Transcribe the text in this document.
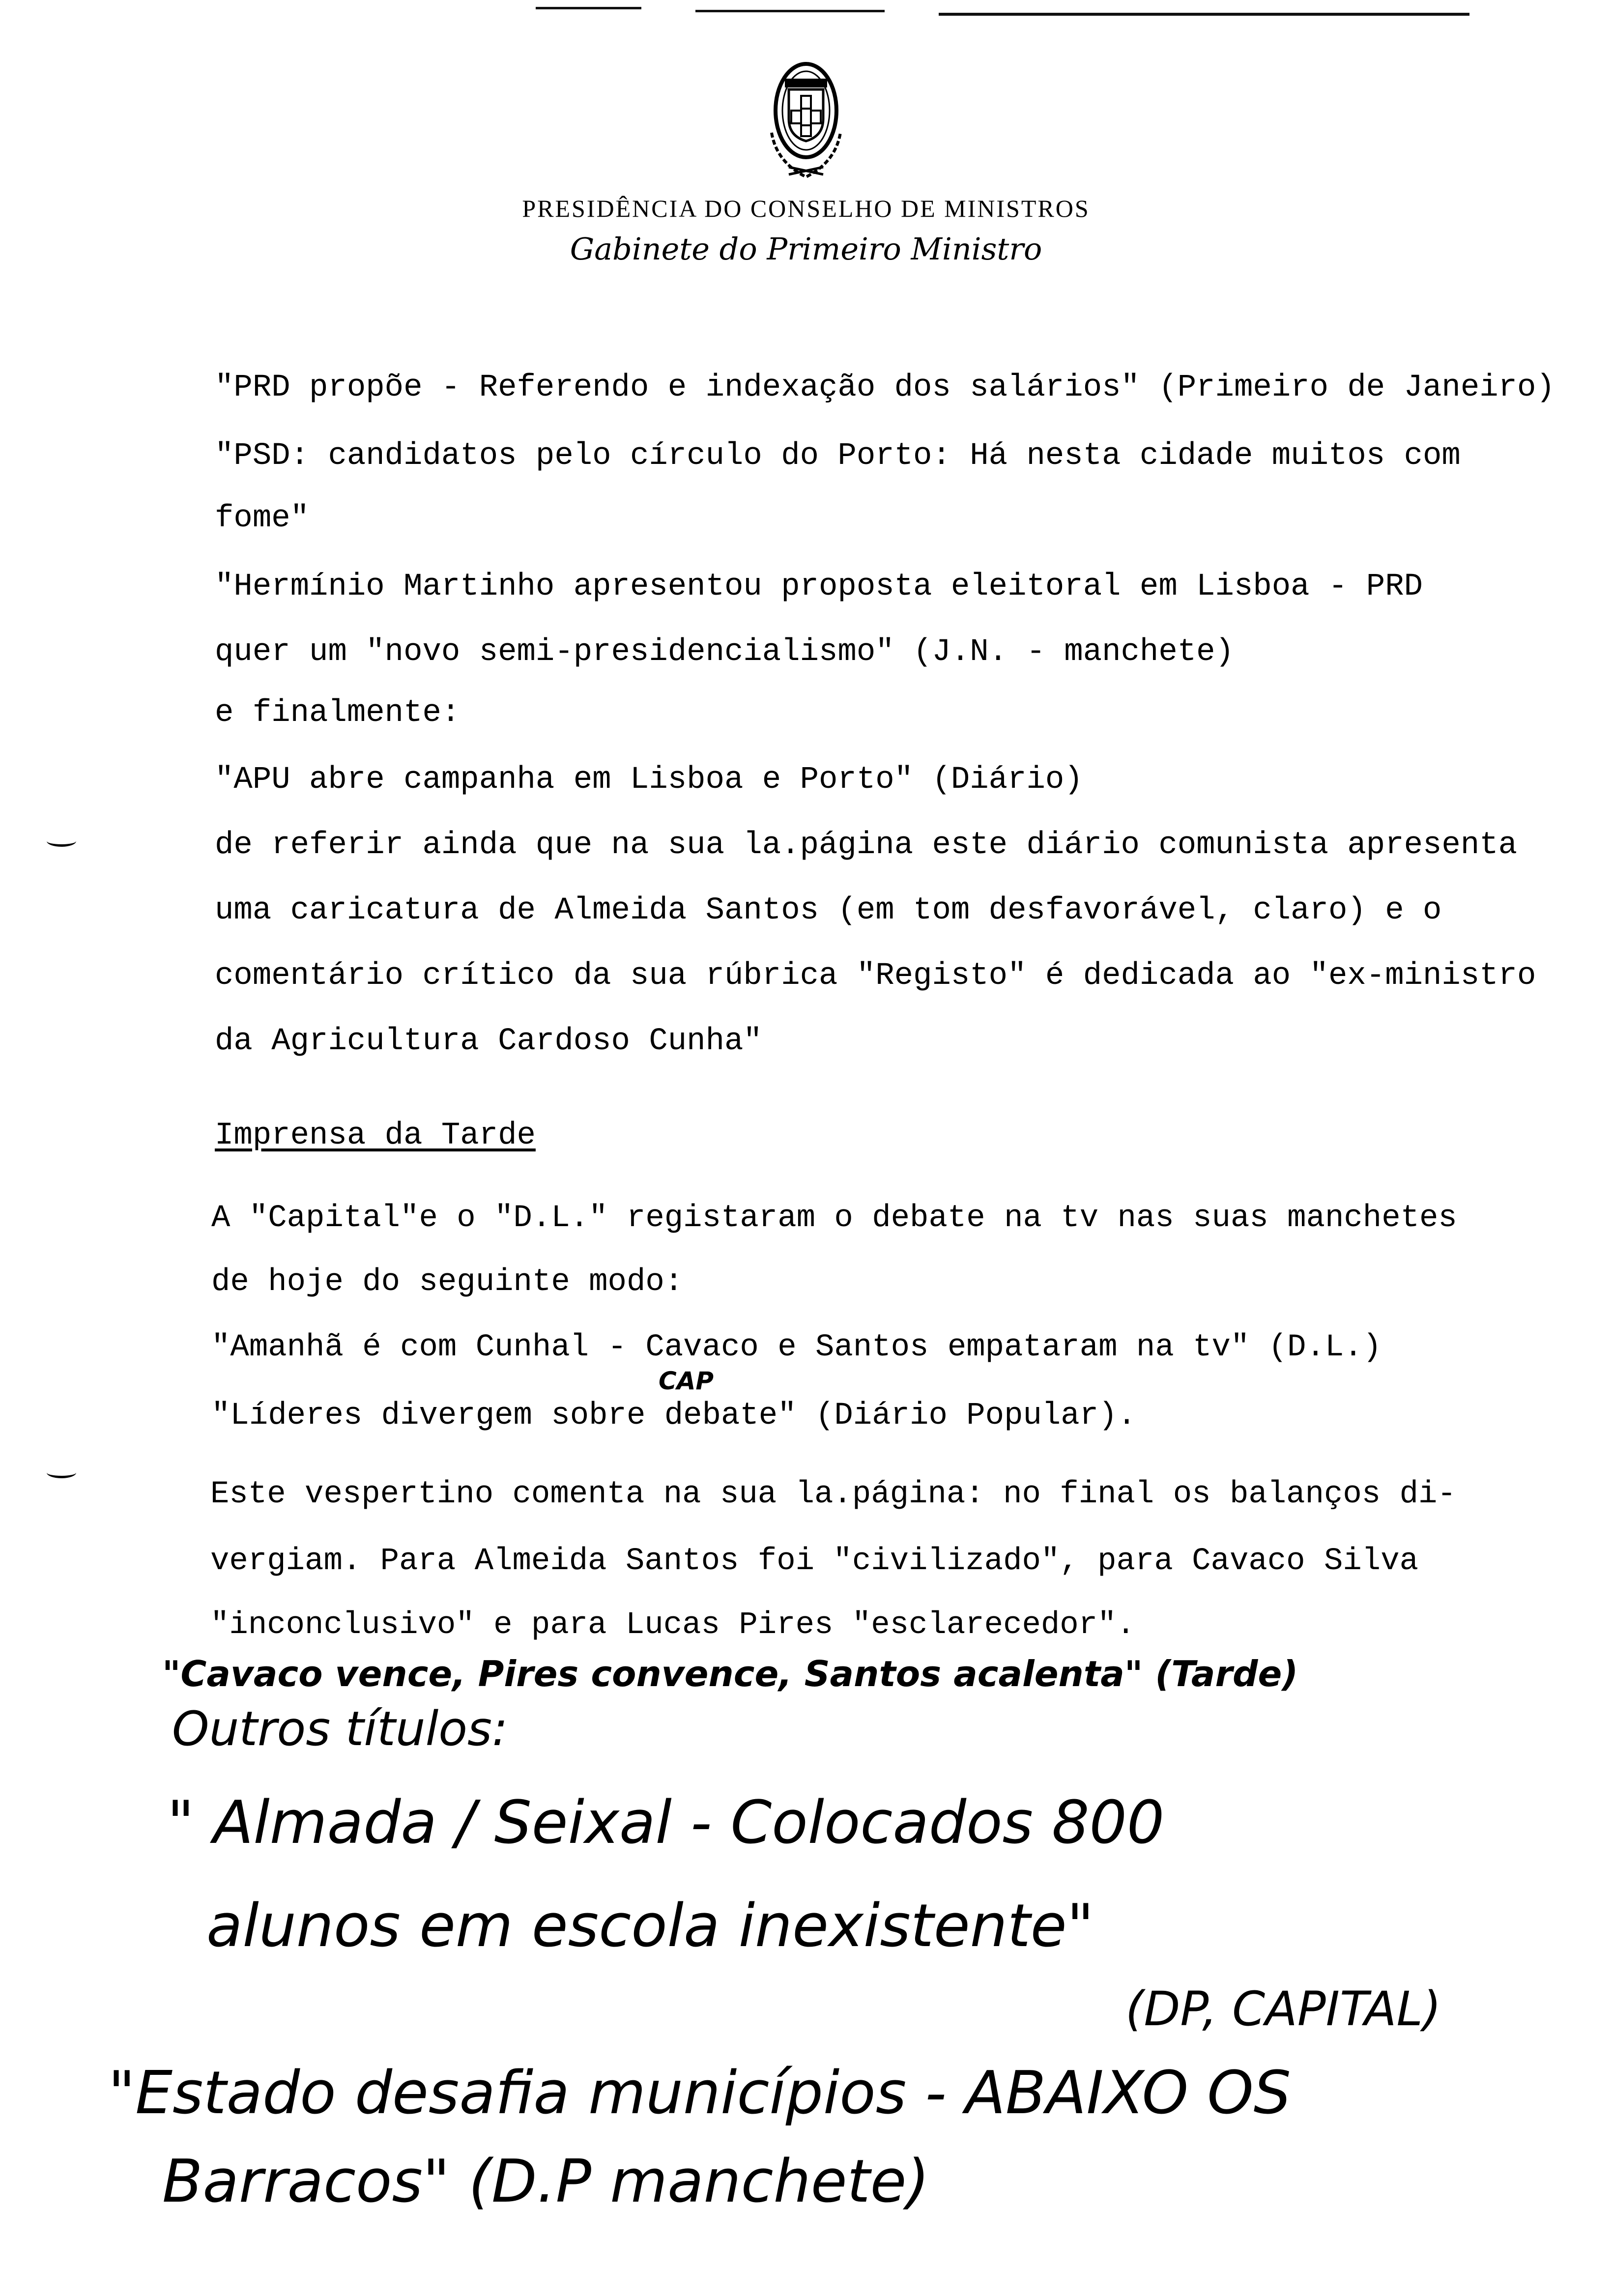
PRESIDÊNCIA DO CONSELHO DE MINISTROS
Gabinete do Primeiro Ministro
"PRD propõe - Referendo e indexação dos salários" (Primeiro de Janeiro)
"PSD: candidatos pelo círculo do Porto: Há nesta cidade muitos com
fome"
"Hermínio Martinho apresentou proposta eleitoral em Lisboa - PRD
quer um "novo semi-presidencialismo" (J.N. - manchete)
e finalmente:
"APU abre campanha em Lisboa e Porto" (Diário)
de referir ainda que na sua la.página este diário comunista apresenta
uma caricatura de Almeida Santos (em tom desfavorável, claro) e o
comentário crítico da sua rúbrica "Registo" é dedicada ao "ex-ministro
da Agricultura Cardoso Cunha"
Imprensa da Tarde
A "Capital"e o "D.L." registaram o debate na tv nas suas manchetes
de hoje do seguinte modo:
"Amanhã é com Cunhal - Cavaco e Santos empataram na tv" (D.L.)
"Líderes divergem sobre debate" (Diário Popular).
Este vespertino comenta na sua la.página: no final os balanços di-
vergiam. Para Almeida Santos foi "civilizado", para Cavaco Silva
"inconclusivo" e para Lucas Pires "esclarecedor".
CAP
"Cavaco vence, Pires convence, Santos acalenta" (Tarde)
Outros títulos:
" Almada / Seixal - Colocados 800
alunos em escola inexistente"
(DP, CAPITAL)
"Estado desafia municípios - ABAIXO OS
Barracos" (D.P manchete)
